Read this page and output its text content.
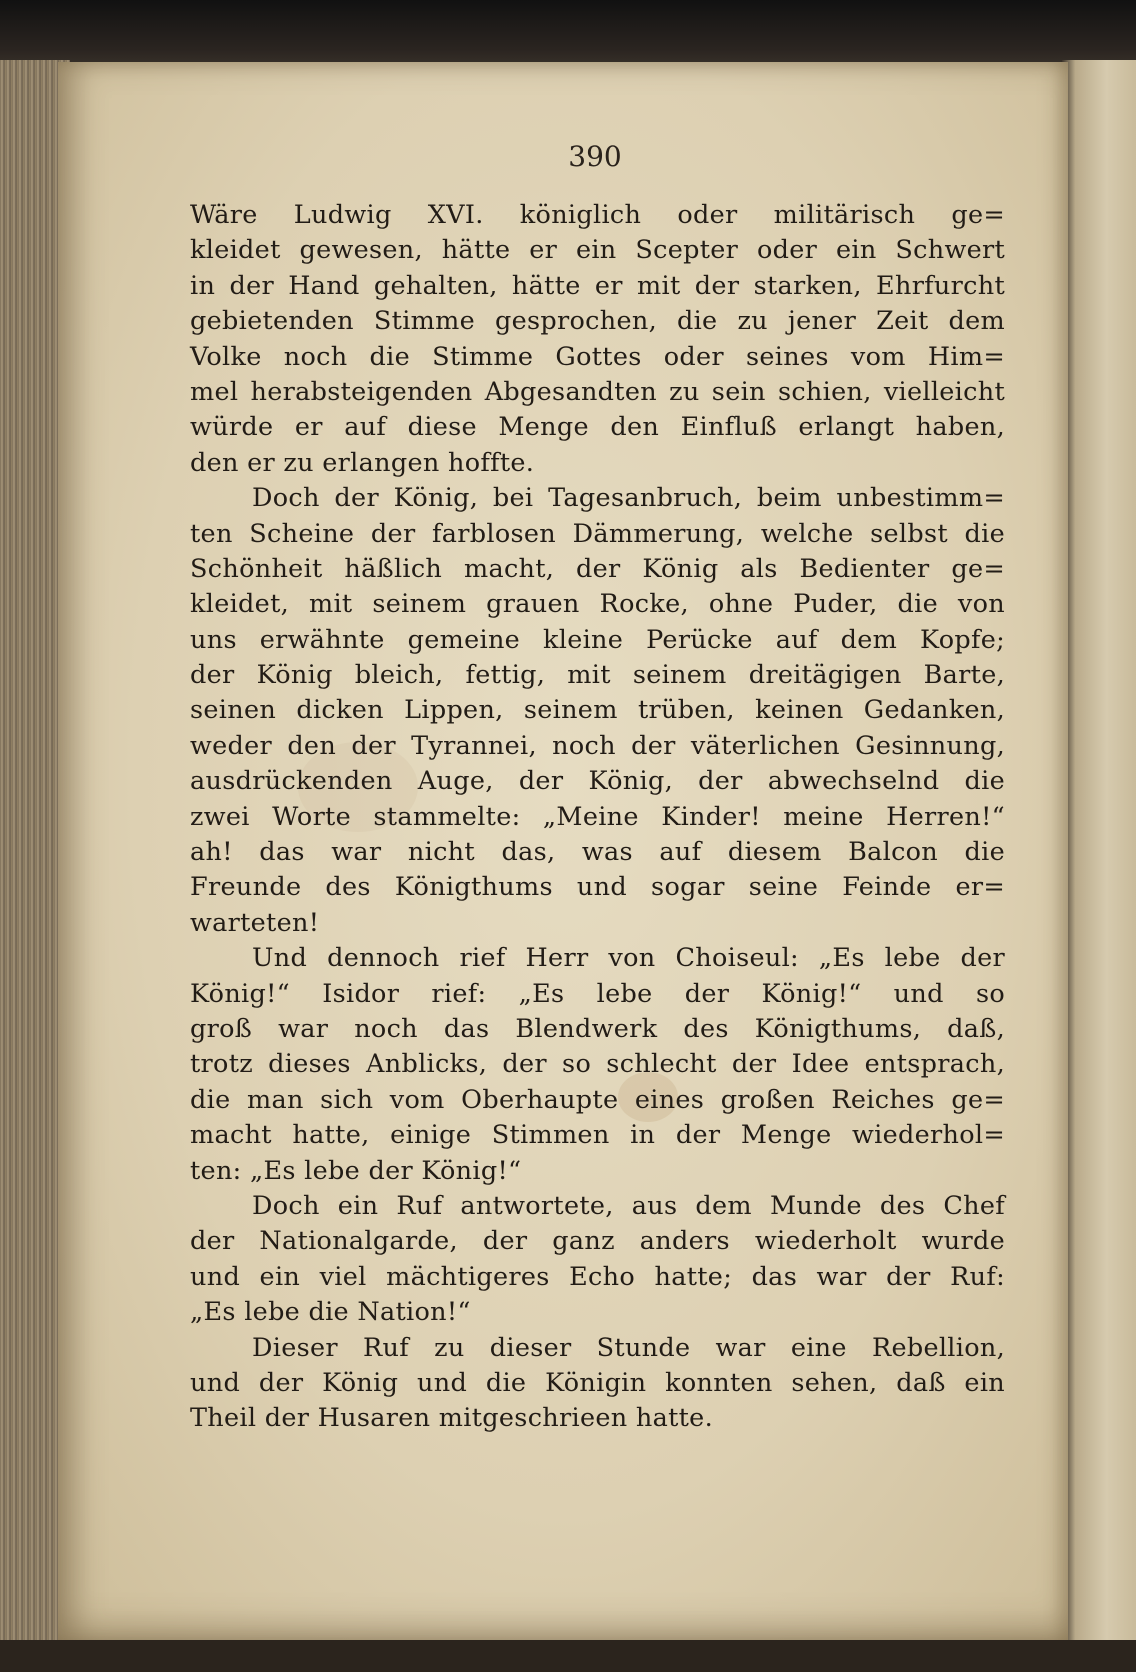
390
Wäre Ludwig XVI. königlich oder militärisch ge=
kleidet gewesen, hätte er ein Scepter oder ein Schwert
in der Hand gehalten, hätte er mit der starken, Ehrfurcht
gebietenden Stimme gesprochen, die zu jener Zeit dem
Volke noch die Stimme Gottes oder seines vom Him=
mel herabsteigenden Abgesandten zu sein schien, vielleicht
würde er auf diese Menge den Einfluß erlangt haben,
den er zu erlangen hoffte.
Doch der König, bei Tagesanbruch, beim unbestimm=
ten Scheine der farblosen Dämmerung, welche selbst die
Schönheit häßlich macht, der König als Bedienter ge=
kleidet, mit seinem grauen Rocke, ohne Puder, die von
uns erwähnte gemeine kleine Perücke auf dem Kopfe;
der König bleich, fettig, mit seinem dreitägigen Barte,
seinen dicken Lippen, seinem trüben, keinen Gedanken,
weder den der Tyrannei, noch der väterlichen Gesinnung,
ausdrückenden Auge, der König, der abwechselnd die
zwei Worte stammelte: „Meine Kinder! meine Herren!“
ah! das war nicht das, was auf diesem Balcon die
Freunde des Königthums und sogar seine Feinde er=
warteten!
Und dennoch rief Herr von Choiseul: „Es lebe der
König!“ Isidor rief: „Es lebe der König!“ und so
groß war noch das Blendwerk des Königthums, daß,
trotz dieses Anblicks, der so schlecht der Idee entsprach,
die man sich vom Oberhaupte eines großen Reiches ge=
macht hatte, einige Stimmen in der Menge wiederhol=
ten: „Es lebe der König!“
Doch ein Ruf antwortete, aus dem Munde des Chef
der Nationalgarde, der ganz anders wiederholt wurde
und ein viel mächtigeres Echo hatte; das war der Ruf:
„Es lebe die Nation!“
Dieser Ruf zu dieser Stunde war eine Rebellion,
und der König und die Königin konnten sehen, daß ein
Theil der Husaren mitgeschrieen hatte.
